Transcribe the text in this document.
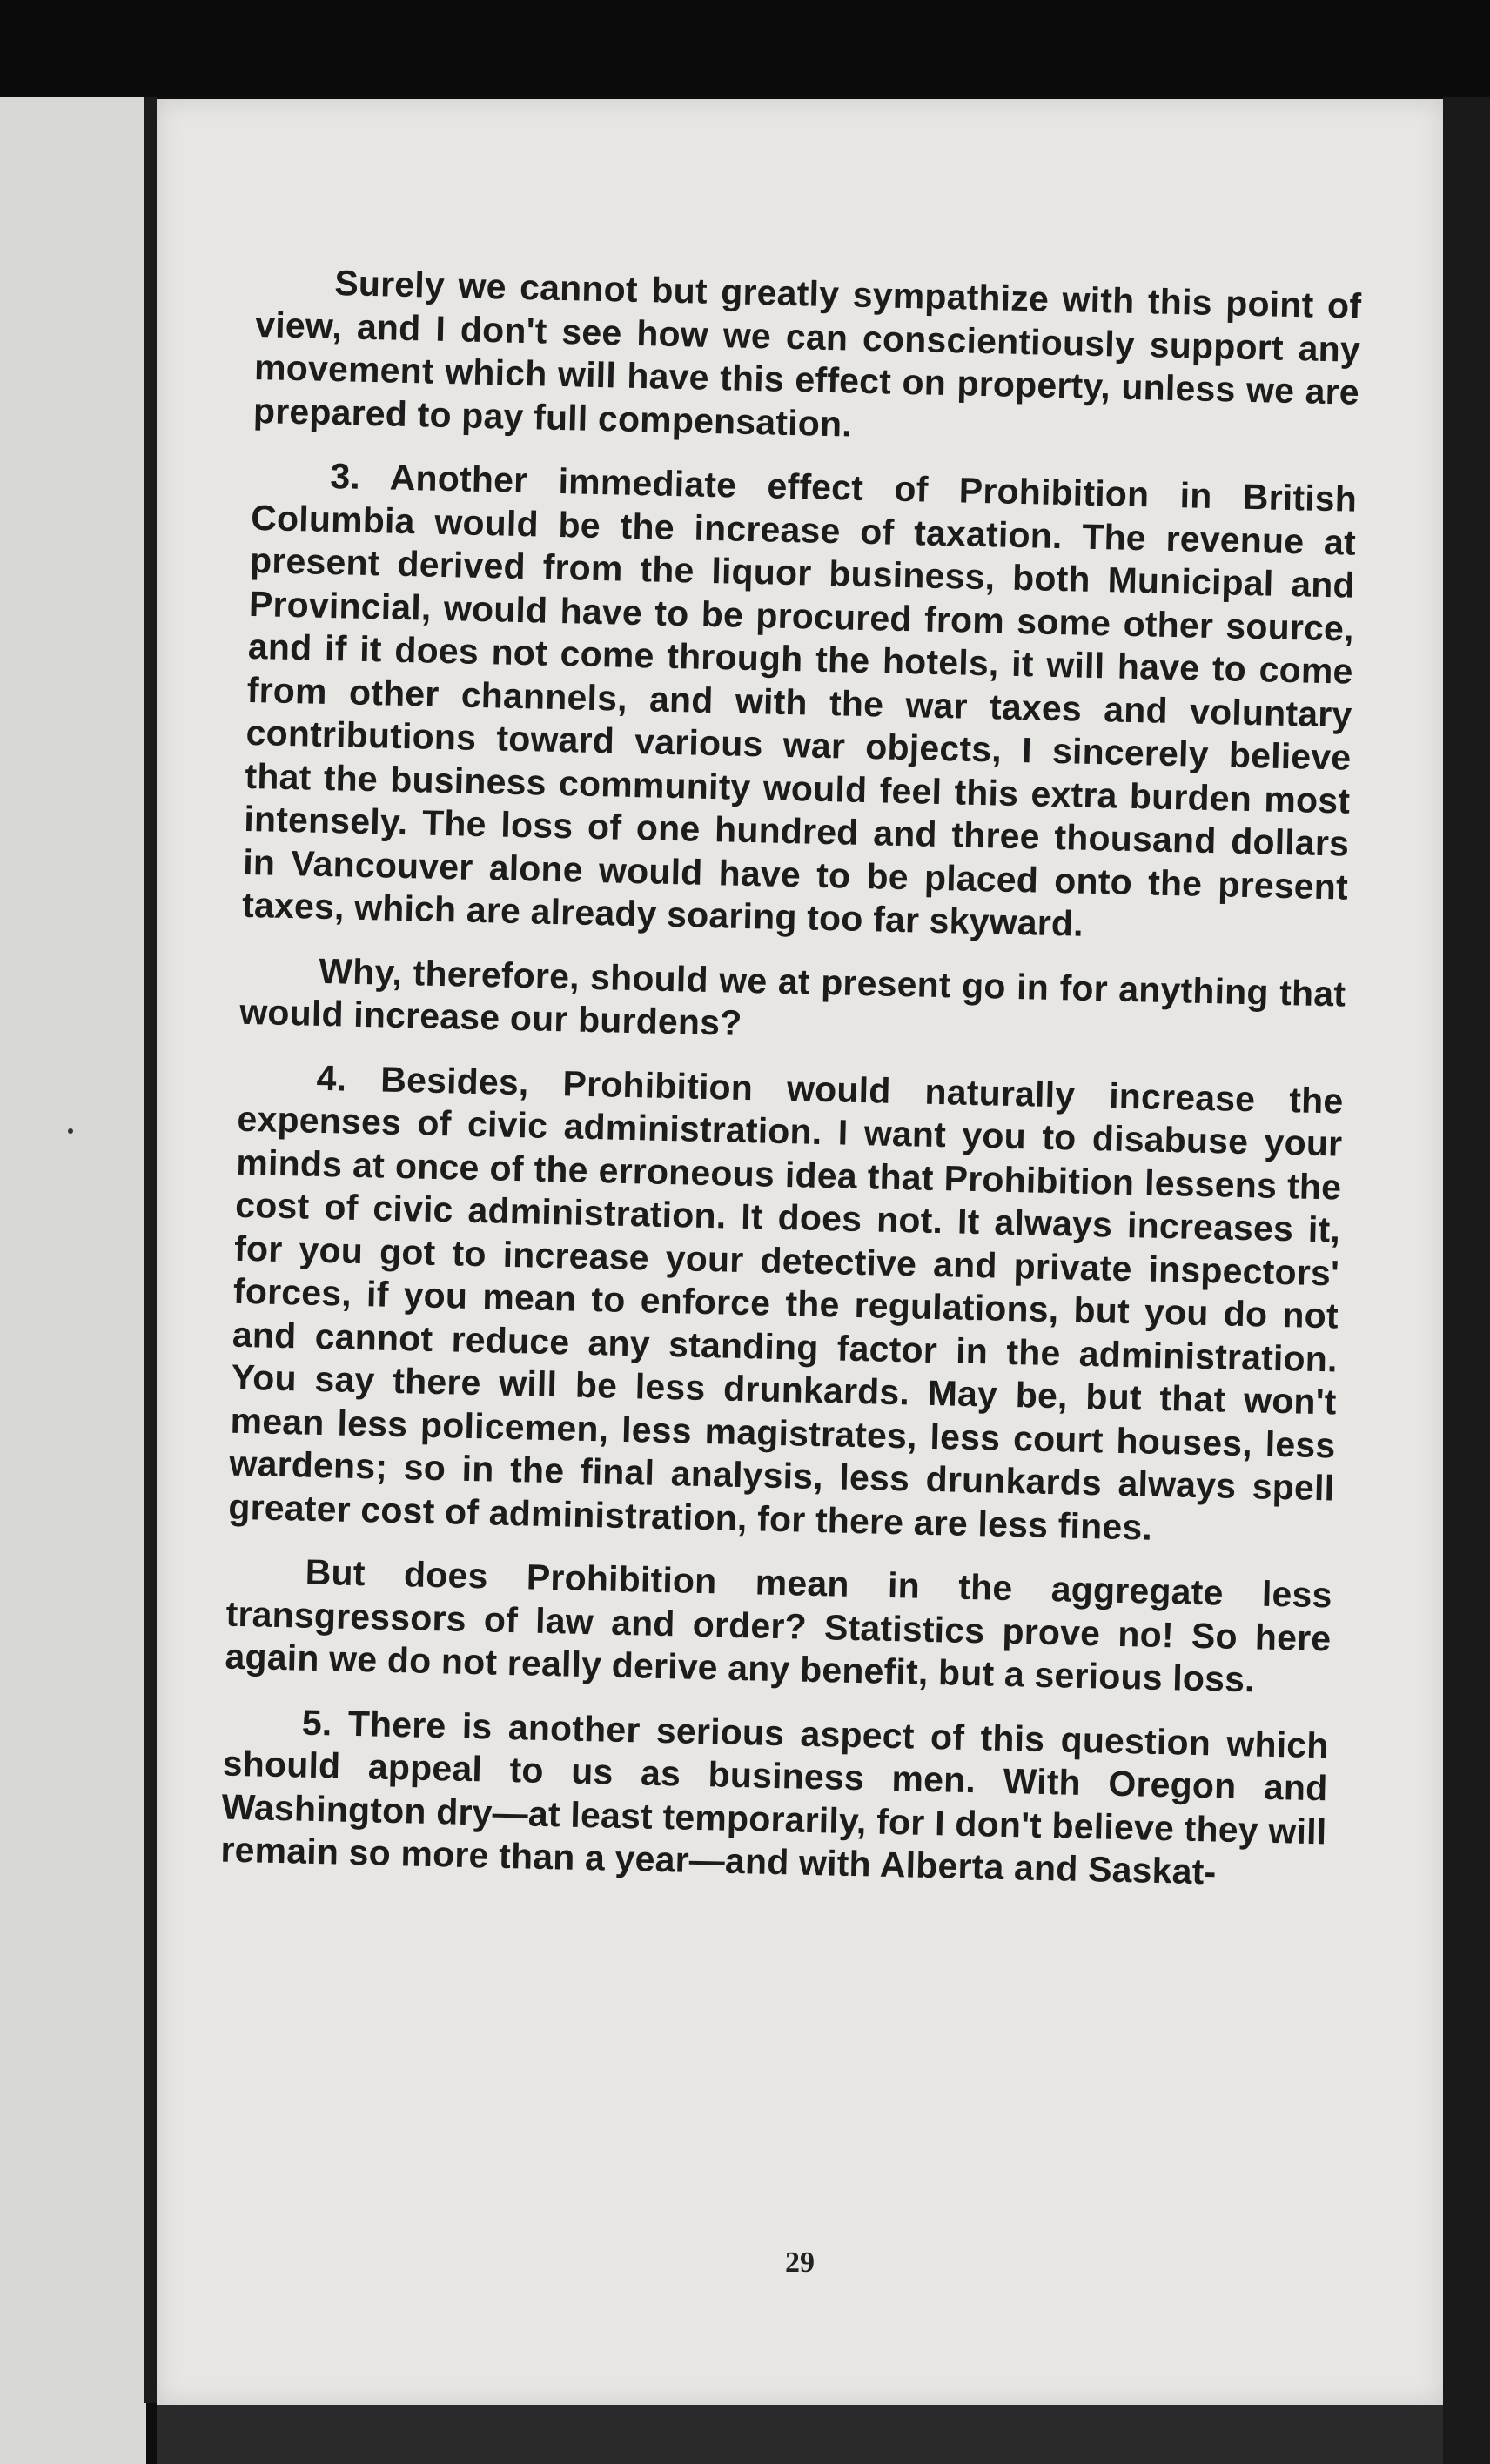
Surely we cannot but greatly sympathize with this point of view, and I don't see how we can conscientiously support any movement which will have this effect on property, unless we are prepared to pay full compensation.

3. Another immediate effect of Prohibition in British Columbia would be the increase of taxation. The revenue at present derived from the liquor business, both Municipal and Provincial, would have to be procured from some other source, and if it does not come through the hotels, it will have to come from other channels, and with the war taxes and voluntary contributions toward various war objects, I sincerely believe that the business community would feel this extra burden most intensely. The loss of one hundred and three thousand dollars in Vancouver alone would have to be placed onto the present taxes, which are already soaring too far skyward.

Why, therefore, should we at present go in for anything that would increase our burdens?

4. Besides, Prohibition would naturally increase the expenses of civic administration. I want you to disabuse your minds at once of the erroneous idea that Prohibition lessens the cost of civic administration. It does not. It always increases it, for you got to increase your detective and private inspectors' forces, if you mean to enforce the regulations, but you do not and cannot reduce any standing factor in the administration. You say there will be less drunkards. May be, but that won't mean less policemen, less magistrates, less court houses, less wardens; so in the final analysis, less drunkards always spell greater cost of administration, for there are less fines.

But does Prohibition mean in the aggregate less transgressors of law and order? Statistics prove no! So here again we do not really derive any benefit, but a serious loss.

5. There is another serious aspect of this question which should appeal to us as business men. With Oregon and Washington dry—at least temporarily, for I don't believe they will remain so more than a year—and with Alberta and Saskat-

29
